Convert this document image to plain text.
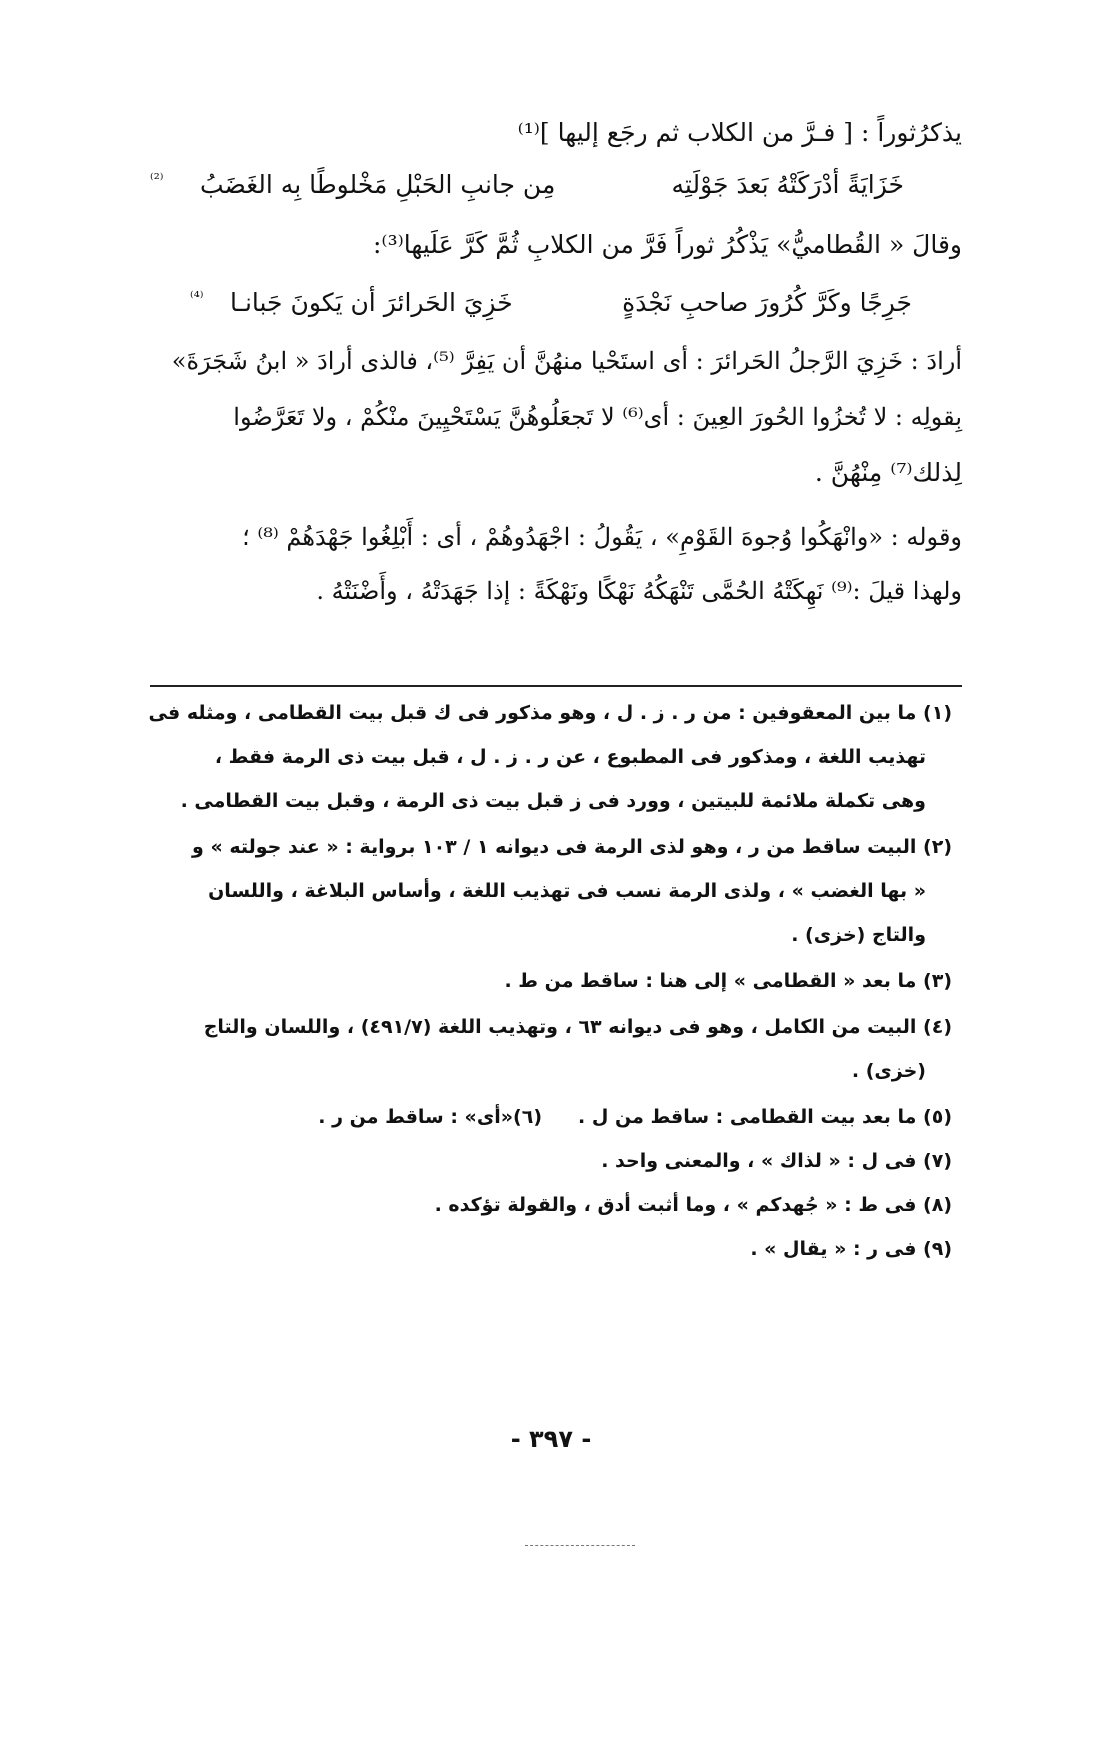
يذكرُثوراً : [ فـرَّ من الكلاب ثم رجَع إليها ]⁽¹⁾
خَزَايَةً أدْرَكَتْهُ بَعدَ جَوْلَتِه
مِن جانبِ الحَبْلِ مَخْلوطًا بِه الغَضَبُ
⁽²⁾
وقالَ « القُطاميُّ» يَذْكُرُ ثوراً فَرَّ من الكلابِ ثُمَّ كَرَّ عَلَيها⁽³⁾:
جَرِجًا وكَرَّ كُرُورَ صاحبِ نَجْدَةٍ
خَزِيَ الحَرائرَ أن يَكونَ جَبانـا
⁽⁴⁾
أرادَ : خَزِيَ الرَّجلُ الحَرائرَ : أى استَحْيا منهُنَّ أن يَفِرَّ ⁽⁵⁾، فالذى أرادَ « ابنُ شَجَرَةَ»
بِقولِه : لا تُخزُوا الحُورَ العِينَ : أى⁽⁶⁾ لا تَجعَلُوهُنَّ يَسْتَحْيِينَ منْكُمْ ، ولا تَعَرَّضُوا
لِذلك⁽⁷⁾ مِنْهُنَّ .
وقوله : «وانْهَكُوا وُجوهَ القَوْمِ» ، يَقُولُ : اجْهَدُوهُمْ ، أى : أَبْلِغُوا جَهْدَهُمْ ⁽⁸⁾ ؛
ولهذا قيلَ :⁽⁹⁾ نَهِكَتْهُ الحُمَّى تَنْهَكُهُ نَهْكًا ونَهْكَةً : إذا جَهَدَتْهُ ، وأَضْنَتْهُ .
(١) ما بين المعقوفين : من ر . ز . ل ، وهو مذكور فى ك قبل بيت القطامى ، ومثله فى
تهذيب اللغة ، ومذكور فى المطبوع ، عن ر . ز . ل ، قبل بيت ذى الرمة فقط ،
وهى تكملة ملائمة للبيتين ، وورد فى ز قبل بيت ذى الرمة ، وقبل بيت القطامى .
(٢) البيت ساقط من ر ، وهو لذى الرمة فى ديوانه ١ / ١٠٣ برواية : « عند جولته » و
« بها الغضب » ، ولذى الرمة نسب فى تهذيب اللغة ، وأساس البلاغة ، واللسان
والتاج (خزى) .
(٣) ما بعد « القطامى » إلى هنا : ساقط من ط .
(٤) البيت من الكامل ، وهو فى ديوانه ٦٣ ، وتهذيب اللغة (٤٩١/٧) ، واللسان والتاج
(خزى) .
(٥) ما بعد بيت القطامى : ساقط من ل .
(٦)«أى» : ساقط من ر .
(٧) فى ل : « لذاك » ، والمعنى واحد .
(٨) فى ط : « جُهدكم » ، وما أثبت أدق ، والقولة تؤكده .
(٩) فى ر : « يقال » .
- ٣٩٧ -
